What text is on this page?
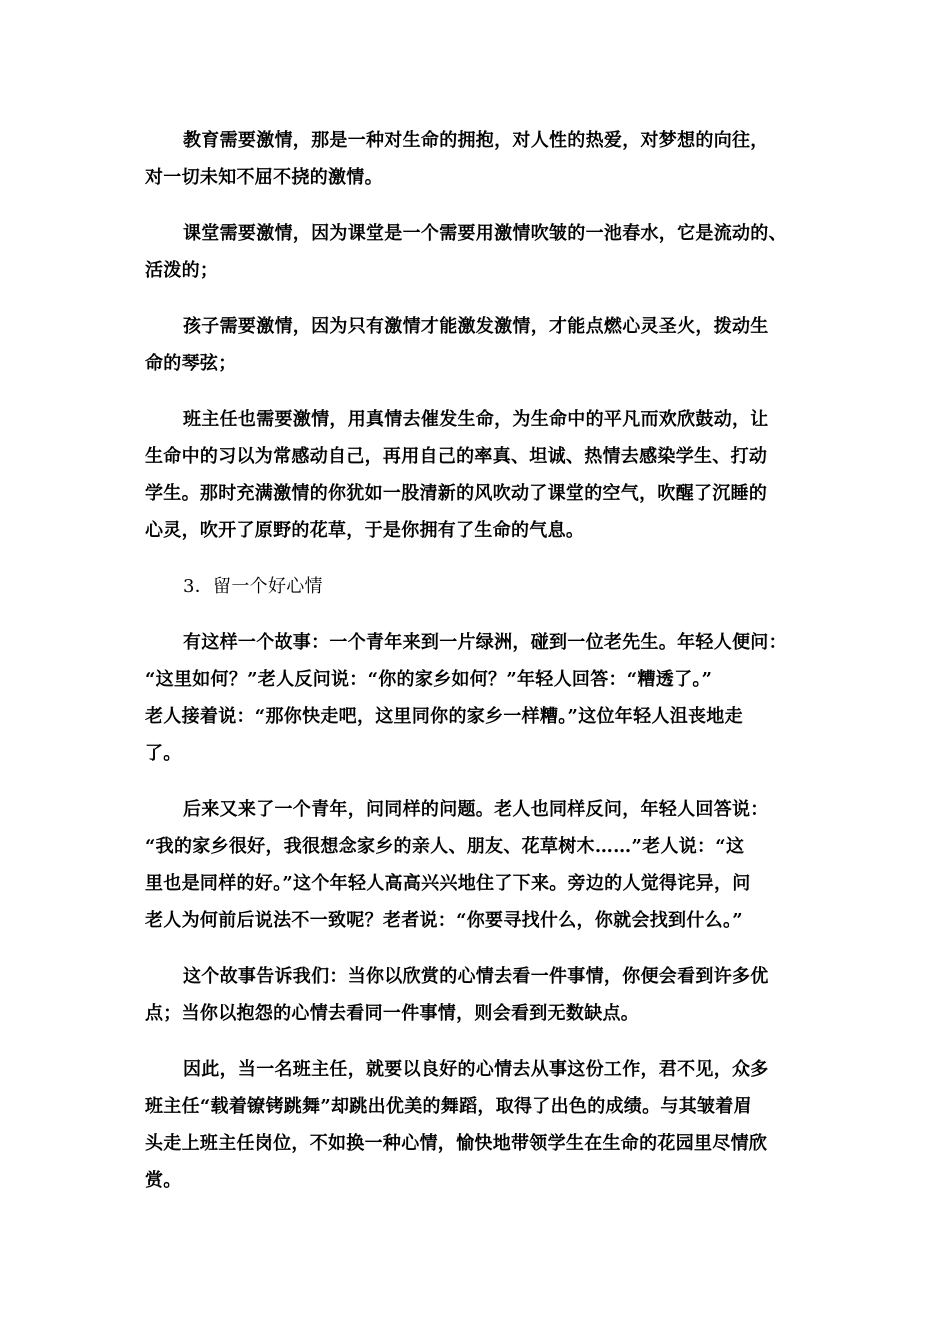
教育需要激情，那是一种对生命的拥抱，对人性的热爱，对梦想的向往，
对一切未知不屈不挠的激情。

课堂需要激情，因为课堂是一个需要用激情吹皱的一池春水，它是流动的、
活泼的；

孩子需要激情，因为只有激情才能激发激情，才能点燃心灵圣火，拨动生
命的琴弦；

班主任也需要激情，用真情去催发生命，为生命中的平凡而欢欣鼓动，让
生命中的习以为常感动自己，再用自己的率真、坦诚、热情去感染学生、打动
学生。那时充满激情的你犹如一股清新的风吹动了课堂的空气，吹醒了沉睡的
心灵，吹开了原野的花草，于是你拥有了生命的气息。

3．留一个好心情

有这样一个故事：一个青年来到一片绿洲，碰到一位老先生。年轻人便问：
“这里如何？”老人反问说：“你的家乡如何？”年轻人回答：“糟透了。”
老人接着说：“那你快走吧，这里同你的家乡一样糟。”这位年轻人沮丧地走
了。

后来又来了一个青年，问同样的问题。老人也同样反问，年轻人回答说：
“我的家乡很好，我很想念家乡的亲人、朋友、花草树木……”老人说：“这
里也是同样的好。”这个年轻人高高兴兴地住了下来。旁边的人觉得诧异，问
老人为何前后说法不一致呢？老者说：“你要寻找什么，你就会找到什么。”

这个故事告诉我们：当你以欣赏的心情去看一件事情，你便会看到许多优
点；当你以抱怨的心情去看同一件事情，则会看到无数缺点。

因此，当一名班主任，就要以良好的心情去从事这份工作，君不见，众多
班主任“载着镣铐跳舞”却跳出优美的舞蹈，取得了出色的成绩。与其皱着眉
头走上班主任岗位，不如换一种心情，愉快地带领学生在生命的花园里尽情欣
赏。
